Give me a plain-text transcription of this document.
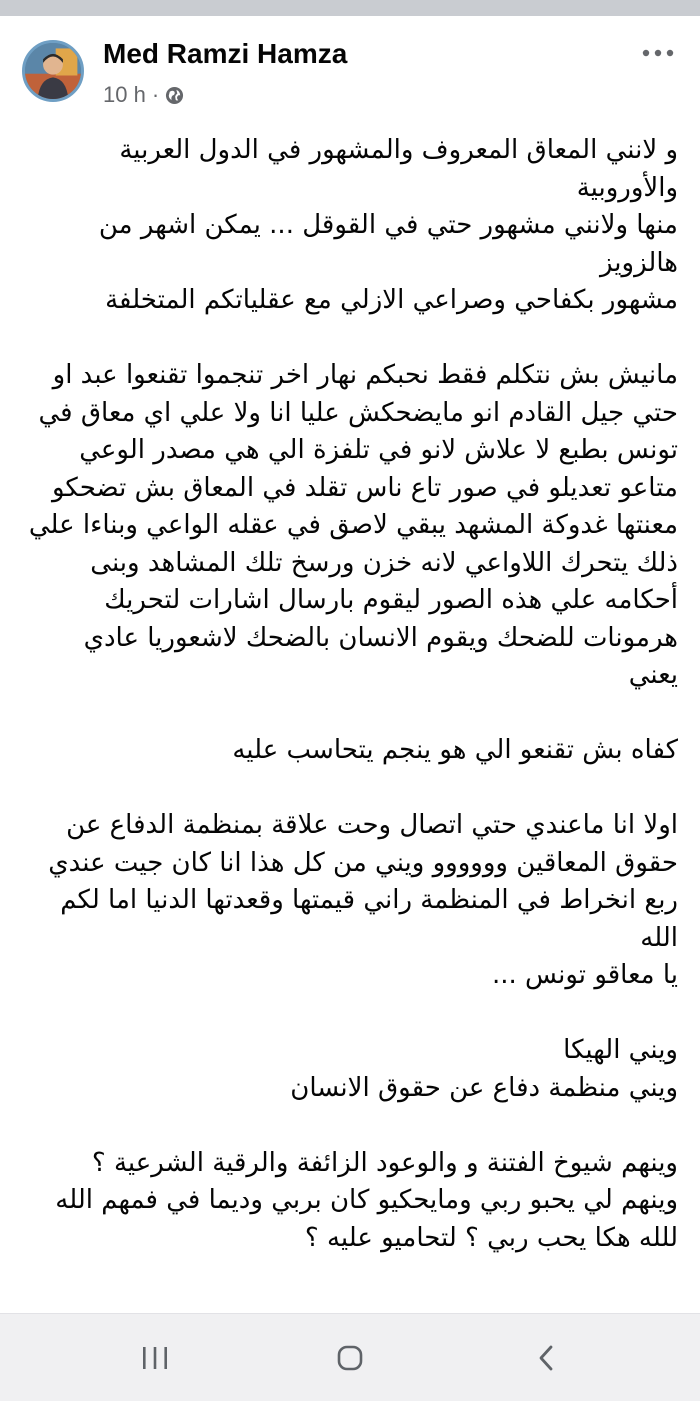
Med Ramzi Hamza
10 h ·

و لانني المعاق المعروف والمشهور في الدول العربية والأوروبية
منها ولانني مشهور حتي في القوقل ... يمكن اشهر من هالزويز
مشهور بكفاحي وصراعي الازلي مع عقلياتكم المتخلفة

مانيش بش نتكلم فقط نحبكم نهار اخر تنجموا تقنعوا عبد او
حتي جيل القادم انو مايضحكش عليا انا ولا علي اي معاق في
تونس بطبع لا علاش لانو في تلفزة الي هي مصدر الوعي
متاعو تعديلو في صور تاع ناس تقلد في المعاق بش تضحكو
معنتها غدوكة المشهد يبقي لاصق في عقله الواعي وبناءا علي
ذلك يتحرك اللاواعي لانه خزن ورسخ تلك المشاهد وبنى
أحكامه علي هذه الصور ليقوم بارسال اشارات لتحريك
هرمونات للضحك ويقوم الانسان بالضحك لاشعوريا عادي
يعني

كفاه بش تقنعو الي هو ينجم يتحاسب عليه

اولا انا ماعندي حتي اتصال وحت علاقة بمنظمة الدفاع عن
حقوق المعاقين وووووو ويني من كل هذا انا كان جيت عندي
ربع انخراط في المنظمة راني قيمتها وقعدتها الدنيا اما لكم الله
يا معاقو تونس ...

ويني الهيكا
ويني منظمة دفاع عن حقوق الانسان

وينهم شيوخ الفتنة و والوعود الزائفة والرقية الشرعية ؟
وينهم لي يحبو ربي ومايحكيو كان بربي وديما في فمهم الله
للله هكا يحب ربي ؟ لتحاميو عليه ؟
